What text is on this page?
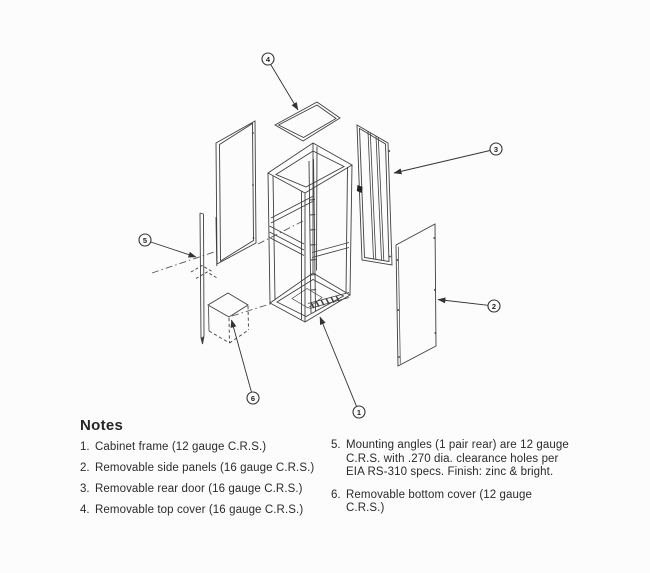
4
3
2
5
6
1
Notes
1. Cabinet frame (12 gauge C.R.S.)
2. Removable side panels (16 gauge C.R.S.)
3. Removable rear door (16 gauge C.R.S.)
4. Removable top cover (16 gauge C.R.S.)
5. Mounting angles (1 pair rear) are 12 gauge C.R.S. with .270 dia. clearance holes per EIA RS-310 specs. Finish: zinc & bright.
6. Removable bottom cover (12 gauge C.R.S.)
